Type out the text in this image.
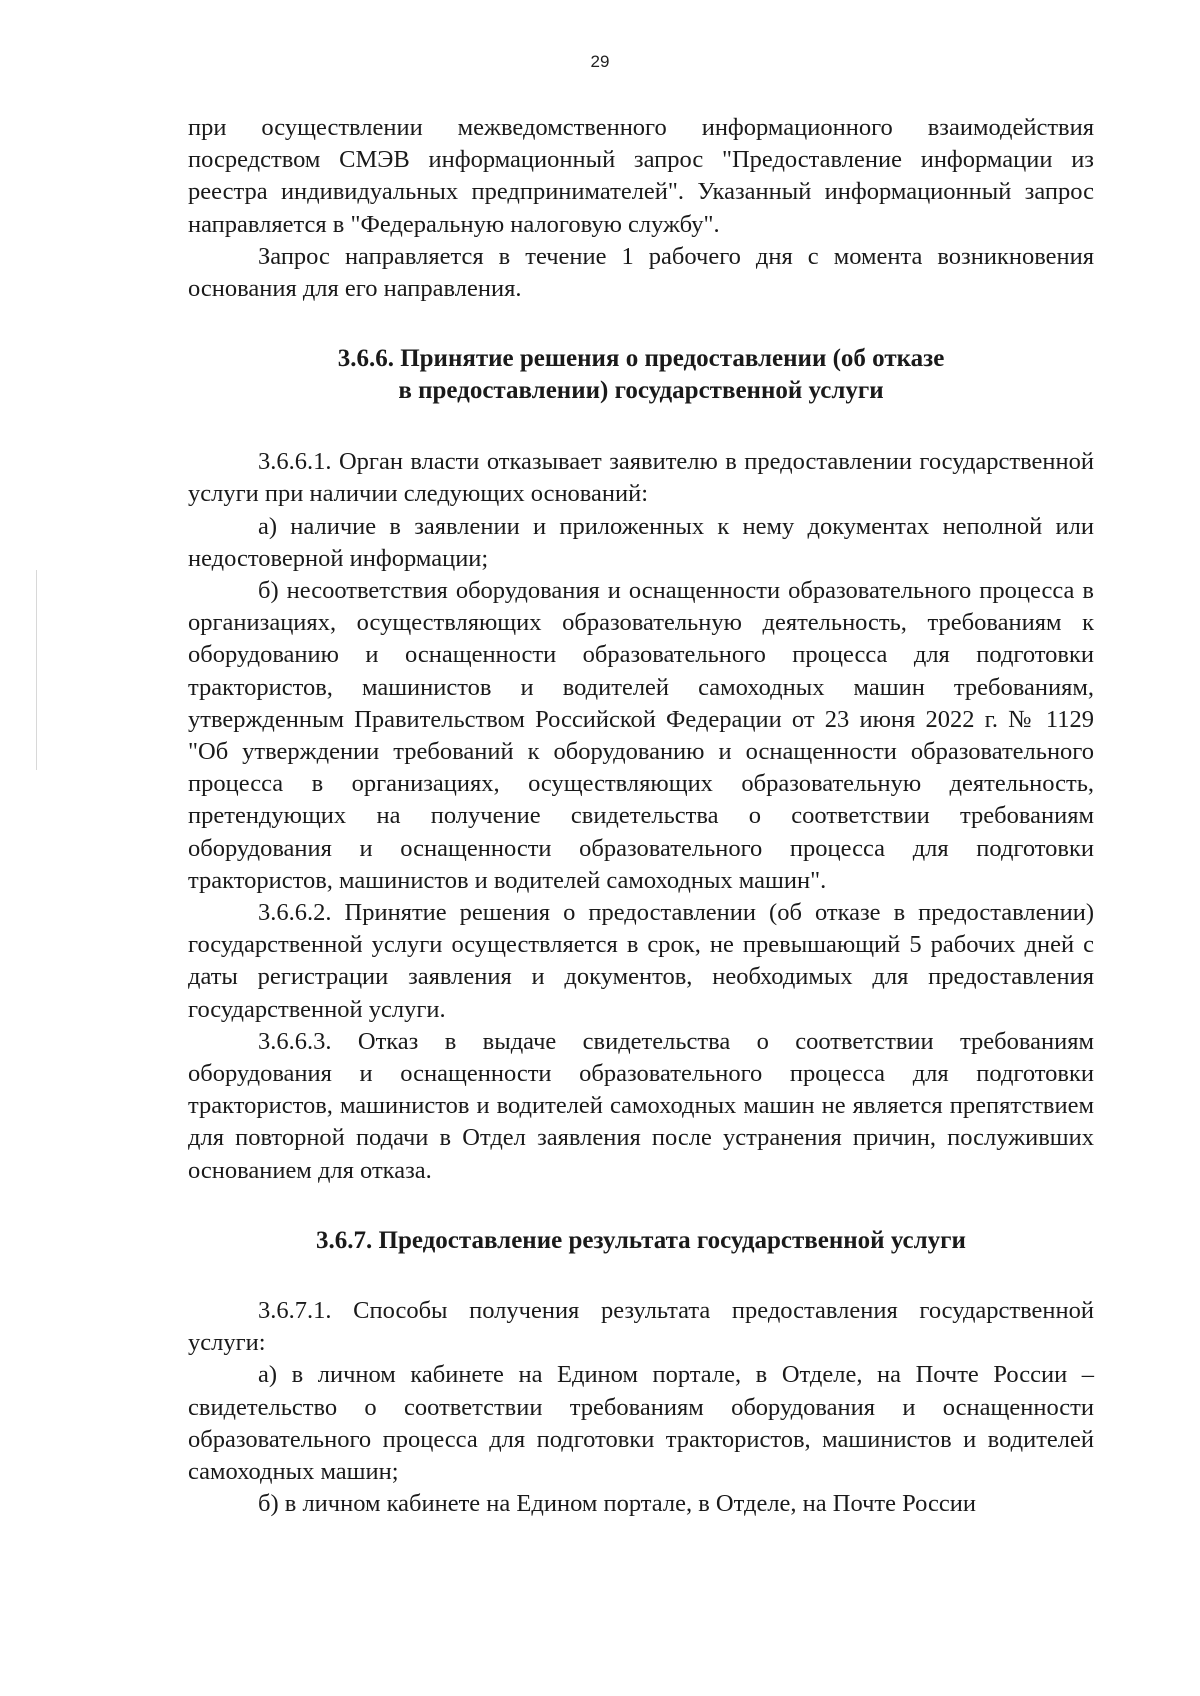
29

при осуществлении межведомственного информационного взаимодействия посредством СМЭВ информационный запрос "Предоставление информации из реестра индивидуальных предпринимателей". Указанный информационный запрос направляется в "Федеральную налоговую службу".

Запрос направляется в течение 1 рабочего дня с момента возникновения основания для его направления.

3.6.6. Принятие решения о предоставлении (об отказе
в предоставлении) государственной услуги

3.6.6.1. Орган власти отказывает заявителю в предоставлении государственной услуги при наличии следующих оснований:

а) наличие в заявлении и приложенных к нему документах неполной или недостоверной информации;

б) несоответствия оборудования и оснащенности образовательного процесса в организациях, осуществляющих образовательную деятельность, требованиям к оборудованию и оснащенности образовательного процесса для подготовки трактористов, машинистов и водителей самоходных машин требованиям, утвержденным Правительством Российской Федерации от 23 июня 2022 г. № 1129 "Об утверждении требований к оборудованию и оснащенности образовательного процесса в организациях, осуществляющих образовательную деятельность, претендующих на получение свидетельства о соответствии требованиям оборудования и оснащенности образовательного процесса для подготовки трактористов, машинистов и водителей самоходных машин".

3.6.6.2. Принятие решения о предоставлении (об отказе в предоставлении) государственной услуги осуществляется в срок, не превышающий 5 рабочих дней с даты регистрации заявления и документов, необходимых для предоставления государственной услуги.

3.6.6.3. Отказ в выдаче свидетельства о соответствии требованиям оборудования и оснащенности образовательного процесса для подготовки трактористов, машинистов и водителей самоходных машин не является препятствием для повторной подачи в Отдел заявления после устранения причин, послуживших основанием для отказа.

3.6.7. Предоставление результата государственной услуги

3.6.7.1. Способы получения результата предоставления государственной услуги:

а) в личном кабинете на Едином портале, в Отделе, на Почте России – свидетельство о соответствии требованиям оборудования и оснащенности образовательного процесса для подготовки трактористов, машинистов и водителей самоходных машин;

б) в личном кабинете на Едином портале, в Отделе, на Почте России
